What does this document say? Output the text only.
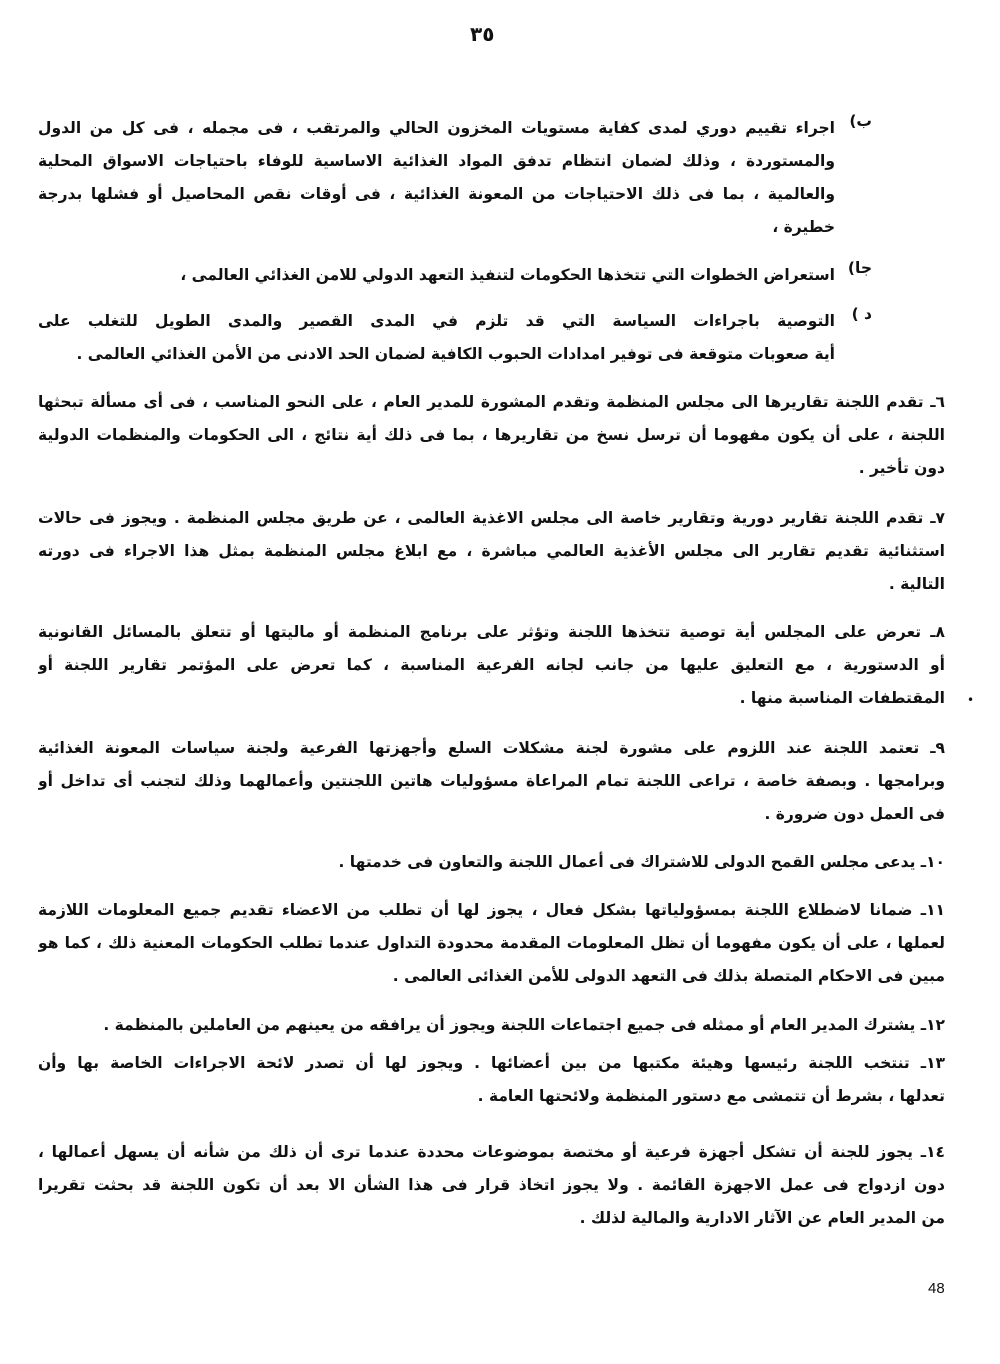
٣٥
ب)
اجراء تقييم دوري لمدى كفاية مستويات المخزون الحالي والمرتقب ، فى مجمله ، فى كل من الدول
والمستوردة ، وذلك لضمان انتظام تدفق المواد الغذائية الاساسية للوفاء باحتياجات الاسواق المحلية
والعالمية ، بما فى ذلك الاحتياجات من المعونة الغذائية ، فى أوقات نقص المحاصيل أو فشلها بدرجة
خطيرة ،
جا)
استعراض الخطوات التي تتخذها الحكومات لتنفيذ التعهد الدولي للامن الغذائي العالمى ،
د )
التوصية باجراءات السياسة التي قد تلزم في المدى القصير والمدى الطويل للتغلب على
أية صعوبات متوقعة فى توفير امدادات الحبوب الكافية لضمان الحد الادنى من الأمن الغذائي العالمى .
٦ـ تقدم اللجنة تقاريرها الى مجلس المنظمة وتقدم المشورة للمدير العام ، على النحو المناسب ، فى أى مسألة تبحثها
اللجنة ، على أن يكون مفهوما أن ترسل نسخ من تقاريرها ، بما فى ذلك أية نتائج ، الى الحكومات والمنظمات الدولية
دون تأخير .
٧ـ تقدم اللجنة تقارير دورية وتقارير خاصة الى مجلس الاغذية العالمى ، عن طريق مجلس المنظمة . ويجوز فى حالات
استثنائية تقديم تقارير الى مجلس الأغذية العالمي مباشرة ، مع ابلاغ مجلس المنظمة بمثل هذا الاجراء فى دورته
التالية .
٨ـ تعرض على المجلس أية توصية تتخذها اللجنة وتؤثر على برنامج المنظمة أو ماليتها أو تتعلق بالمسائل القانونية
أو الدستورية ، مع التعليق عليها من جانب لجانه الفرعية المناسبة ، كما تعرض على المؤتمر تقارير اللجنة أو
المقتطفات المناسبة منها . •
٩ـ تعتمد اللجنة عند اللزوم على مشورة لجنة مشكلات السلع وأجهزتها الفرعية ولجنة سياسات المعونة الغذائية
وبرامجها . وبصفة خاصة ، تراعى اللجنة تمام المراعاة مسؤوليات هاتين اللجنتين وأعمالهما وذلك لتجنب أى تداخل أو
فى العمل دون ضرورة .
١٠ـ يدعى مجلس القمح الدولى للاشتراك فى أعمال اللجنة والتعاون فى خدمتها .
١١ـ ضمانا لاضطلاع اللجنة بمسؤولياتها بشكل فعال ، يجوز لها أن تطلب من الاعضاء تقديم جميع المعلومات اللازمة
لعملها ، على أن يكون مفهوما أن تظل المعلومات المقدمة محدودة التداول عندما تطلب الحكومات المعنية ذلك ، كما هو
مبين فى الاحكام المتصلة بذلك فى التعهد الدولى للأمن الغذائى العالمى .
١٢ـ يشترك المدير العام أو ممثله فى جميع اجتماعات اللجنة ويجوز أن يرافقه من يعينهم من العاملين بالمنظمة .
١٣ـ تنتخب اللجنة رئيسها وهيئة مكتبها من بين أعضائها . ويجوز لها أن تصدر لائحة الاجراءات الخاصة بها وأن
تعدلها ، بشرط أن تتمشى مع دستور المنظمة ولائحتها العامة .
١٤ـ يجوز للجنة أن تشكل أجهزة فرعية أو مختصة بموضوعات محددة عندما ترى أن ذلك من شأنه أن يسهل أعمالها ،
دون ازدواج فى عمل الاجهزة القائمة . ولا يجوز اتخاذ قرار فى هذا الشأن الا بعد أن تكون اللجنة قد بحثت تقريرا
من المدير العام عن الآثار الادارية والمالية لذلك .
48
